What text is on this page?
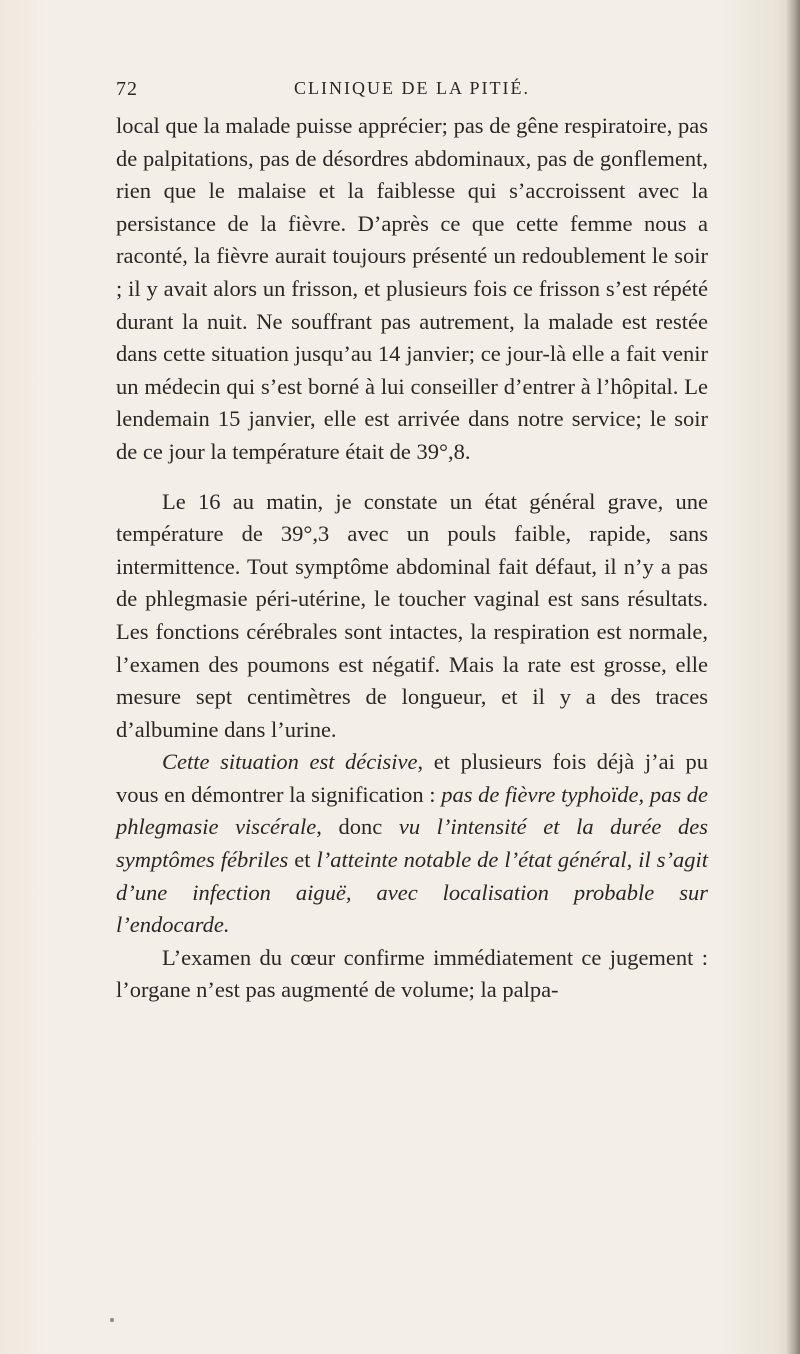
72	CLINIQUE DE LA PITIÉ.

local que la malade puisse apprécier; pas de gêne respiratoire, pas de palpitations, pas de désordres abdominaux, pas de gonflement, rien que le malaise et la faiblesse qui s’accroissent avec la persistance de la fièvre. D’après ce que cette femme nous a raconté, la fièvre aurait toujours présenté un redoublement le soir ; il y avait alors un frisson, et plusieurs fois ce frisson s’est répété durant la nuit. Ne souffrant pas autrement, la malade est restée dans cette situation jusqu’au 14 janvier; ce jour-là elle a fait venir un médecin qui s’est borné à lui conseiller d’entrer à l’hôpital. Le lendemain 15 janvier, elle est arrivée dans notre service; le soir de ce jour la température était de 39°,8.

Le 16 au matin, je constate un état général grave, une température de 39°,3 avec un pouls faible, rapide, sans intermittence. Tout symptôme abdominal fait défaut, il n’y a pas de phlegmasie péri-utérine, le toucher vaginal est sans résultats. Les fonctions cérébrales sont intactes, la respiration est normale, l’examen des poumons est négatif. Mais la rate est grosse, elle mesure sept centimètres de longueur, et il y a des traces d’albumine dans l’urine.

Cette situation est décisive, et plusieurs fois déjà j’ai pu vous en démontrer la signification : pas de fièvre typhoïde, pas de phlegmasie viscérale, donc vu l’intensité et la durée des symptômes fébriles et l’atteinte notable de l’état général, il s’agit d’une infection aiguë, avec localisation probable sur l’endocarde.

L’examen du cœur confirme immédiatement ce jugement : l’organe n’est pas augmenté de volume; la palpa-
